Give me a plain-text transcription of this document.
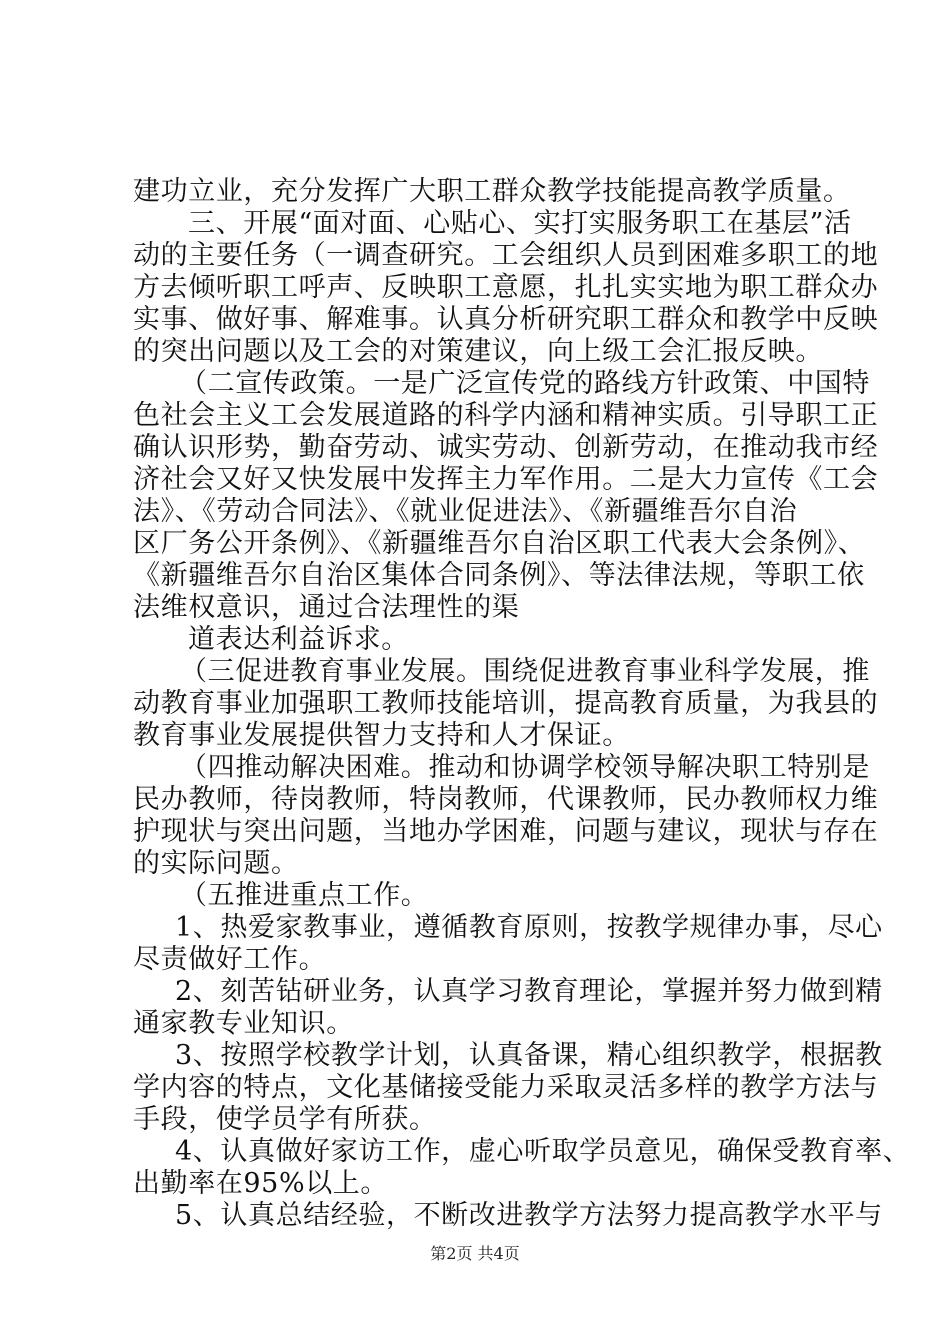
建功立业，充分发挥广大职工群众教学技能提高教学质量。
三、开展“面对面、心贴心、实打实服务职工在基层”活
动的主要任务（一调查研究。工会组织人员到困难多职工的地
方去倾听职工呼声、反映职工意愿，扎扎实实地为职工群众办
实事、做好事、解难事。认真分析研究职工群众和教学中反映
的突出问题以及工会的对策建议，向上级工会汇报反映。
（二宣传政策。一是广泛宣传党的路线方针政策、中国特
色社会主义工会发展道路的科学内涵和精神实质。引导职工正
确认识形势，勤奋劳动、诚实劳动、创新劳动，在推动我市经
济社会又好又快发展中发挥主力军作用。二是大力宣传《工会
法》、《劳动合同法》、《就业促进法》、《新疆维吾尔自治
区厂务公开条例》、《新疆维吾尔自治区职工代表大会条例》、
《新疆维吾尔自治区集体合同条例》、等法律法规，等职工依
法维权意识，通过合法理性的渠
道表达利益诉求。
（三促进教育事业发展。围绕促进教育事业科学发展，推
动教育事业加强职工教师技能培训，提高教育质量，为我县的
教育事业发展提供智力支持和人才保证。
（四推动解决困难。推动和协调学校领导解决职工特别是
民办教师，待岗教师，特岗教师，代课教师，民办教师权力维
护现状与突出问题，当地办学困难，问题与建议，现状与存在
的实际问题。
（五推进重点工作。
1、热爱家教事业，遵循教育原则，按教学规律办事，尽心
尽责做好工作。
2、刻苦钻研业务，认真学习教育理论，掌握并努力做到精
通家教专业知识。
3、按照学校教学计划，认真备课，精心组织教学，根据教
学内容的特点，文化基储接受能力采取灵活多样的教学方法与
手段，使学员学有所获。
4、认真做好家访工作，虚心听取学员意见，确保受教育率、
出勤率在95%以上。
5、认真总结经验，不断改进教学方法努力提高教学水平与
第2页 共4页
